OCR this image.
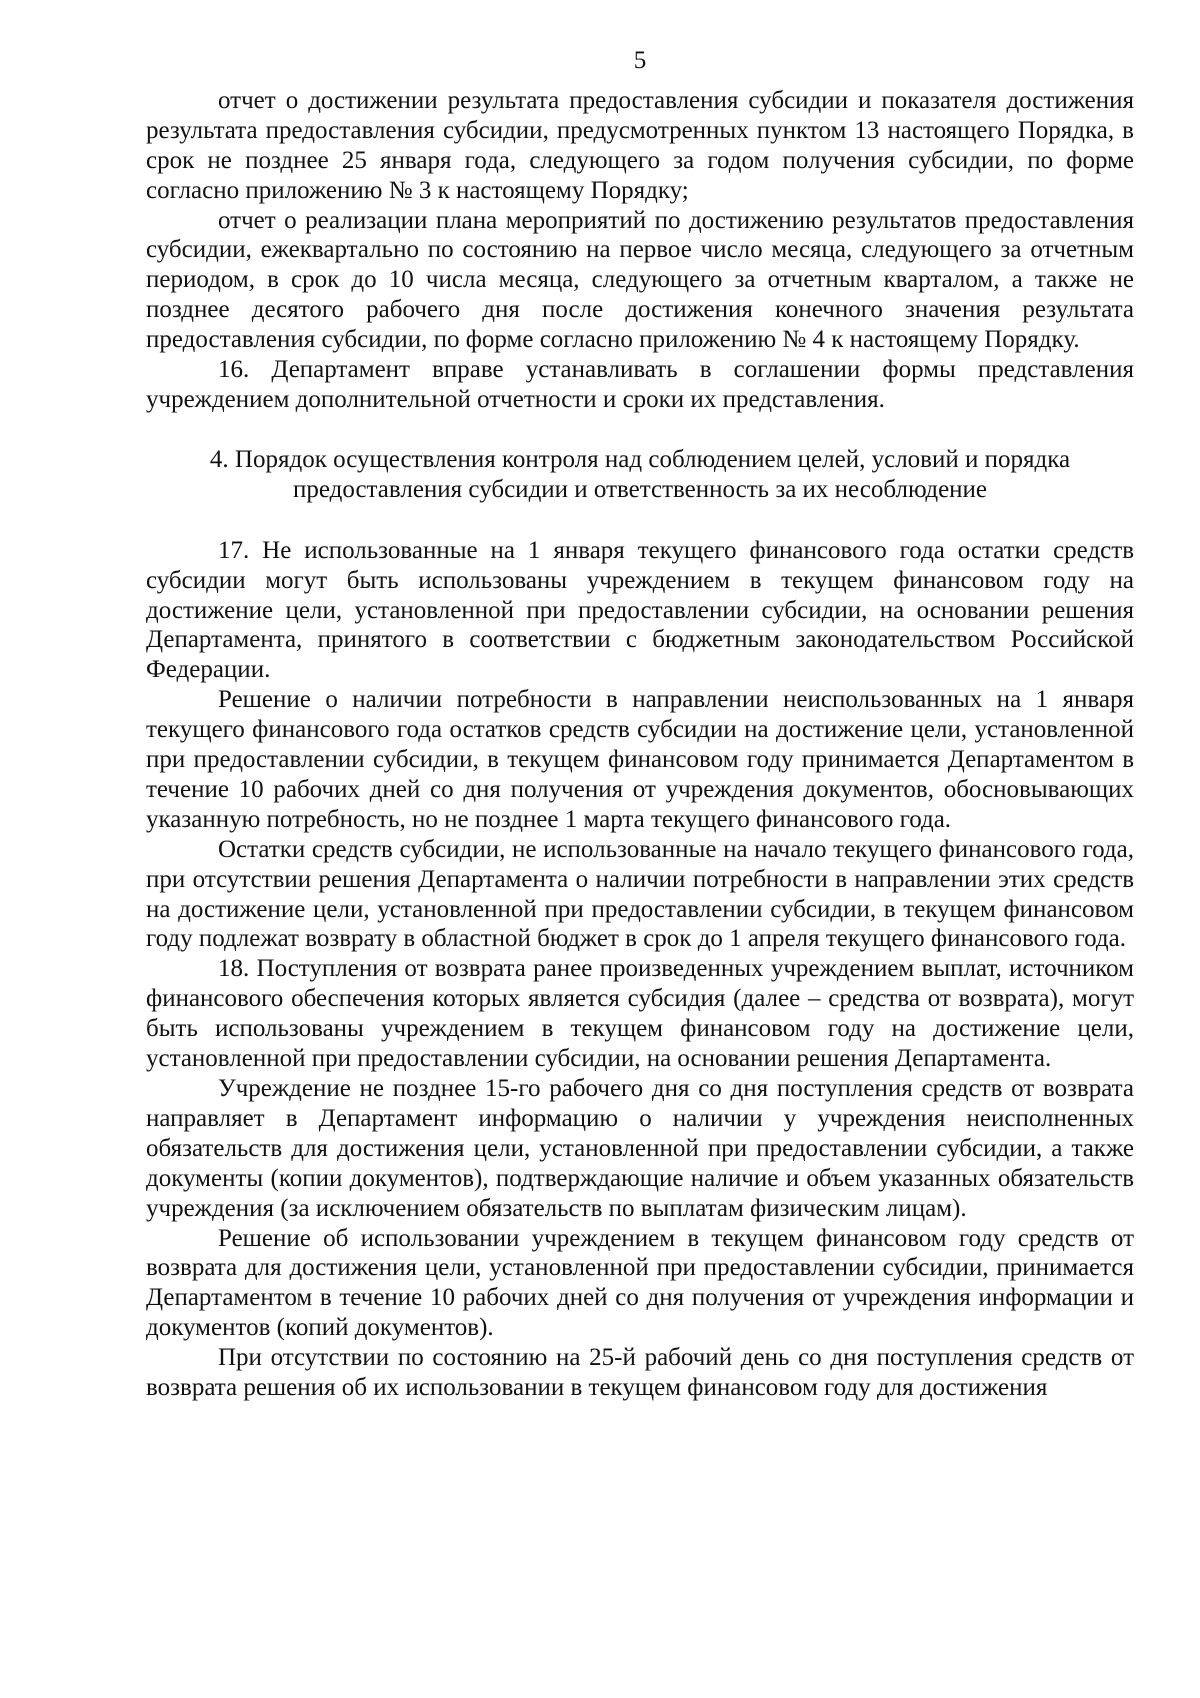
5

отчет о достижении результата предоставления субсидии и показателя достижения результата предоставления субсидии, предусмотренных пунктом 13 настоящего Порядка, в срок не позднее 25 января года, следующего за годом получения субсидии, по форме согласно приложению № 3 к настоящему Порядку;

отчет о реализации плана мероприятий по достижению результатов предоставления субсидии, ежеквартально по состоянию на первое число месяца, следующего за отчетным периодом, в срок до 10 числа месяца, следующего за отчетным кварталом, а также не позднее десятого рабочего дня после достижения конечного значения результата предоставления субсидии, по форме согласно приложению № 4 к настоящему Порядку.

16. Департамент вправе устанавливать в соглашении формы представления учреждением дополнительной отчетности и сроки их представления.

4. Порядок осуществления контроля над соблюдением целей, условий и порядка предоставления субсидии и ответственность за их несоблюдение

17. Не использованные на 1 января текущего финансового года остатки средств субсидии могут быть использованы учреждением в текущем финансовом году на достижение цели, установленной при предоставлении субсидии, на основании решения Департамента, принятого в соответствии с бюджетным законодательством Российской Федерации.

Решение о наличии потребности в направлении неиспользованных на 1 января текущего финансового года остатков средств субсидии на достижение цели, установленной при предоставлении субсидии, в текущем финансовом году принимается Департаментом в течение 10 рабочих дней со дня получения от учреждения документов, обосновывающих указанную потребность, но не позднее 1 марта текущего финансового года.

Остатки средств субсидии, не использованные на начало текущего финансового года, при отсутствии решения Департамента о наличии потребности в направлении этих средств на достижение цели, установленной при предоставлении субсидии, в текущем финансовом году подлежат возврату в областной бюджет в срок до 1 апреля текущего финансового года.

18. Поступления от возврата ранее произведенных учреждением выплат, источником финансового обеспечения которых является субсидия (далее – средства от возврата), могут быть использованы учреждением в текущем финансовом году на достижение цели, установленной при предоставлении субсидии, на основании решения Департамента.

Учреждение не позднее 15-го рабочего дня со дня поступления средств от возврата направляет в Департамент информацию о наличии у учреждения неисполненных обязательств для достижения цели, установленной при предоставлении субсидии, а также документы (копии документов), подтверждающие наличие и объем указанных обязательств учреждения (за исключением обязательств по выплатам физическим лицам).

Решение об использовании учреждением в текущем финансовом году средств от возврата для достижения цели, установленной при предоставлении субсидии, принимается Департаментом в течение 10 рабочих дней со дня получения от учреждения информации и документов (копий документов).

При отсутствии по состоянию на 25-й рабочий день со дня поступления средств от возврата решения об их использовании в текущем финансовом году для достижения
